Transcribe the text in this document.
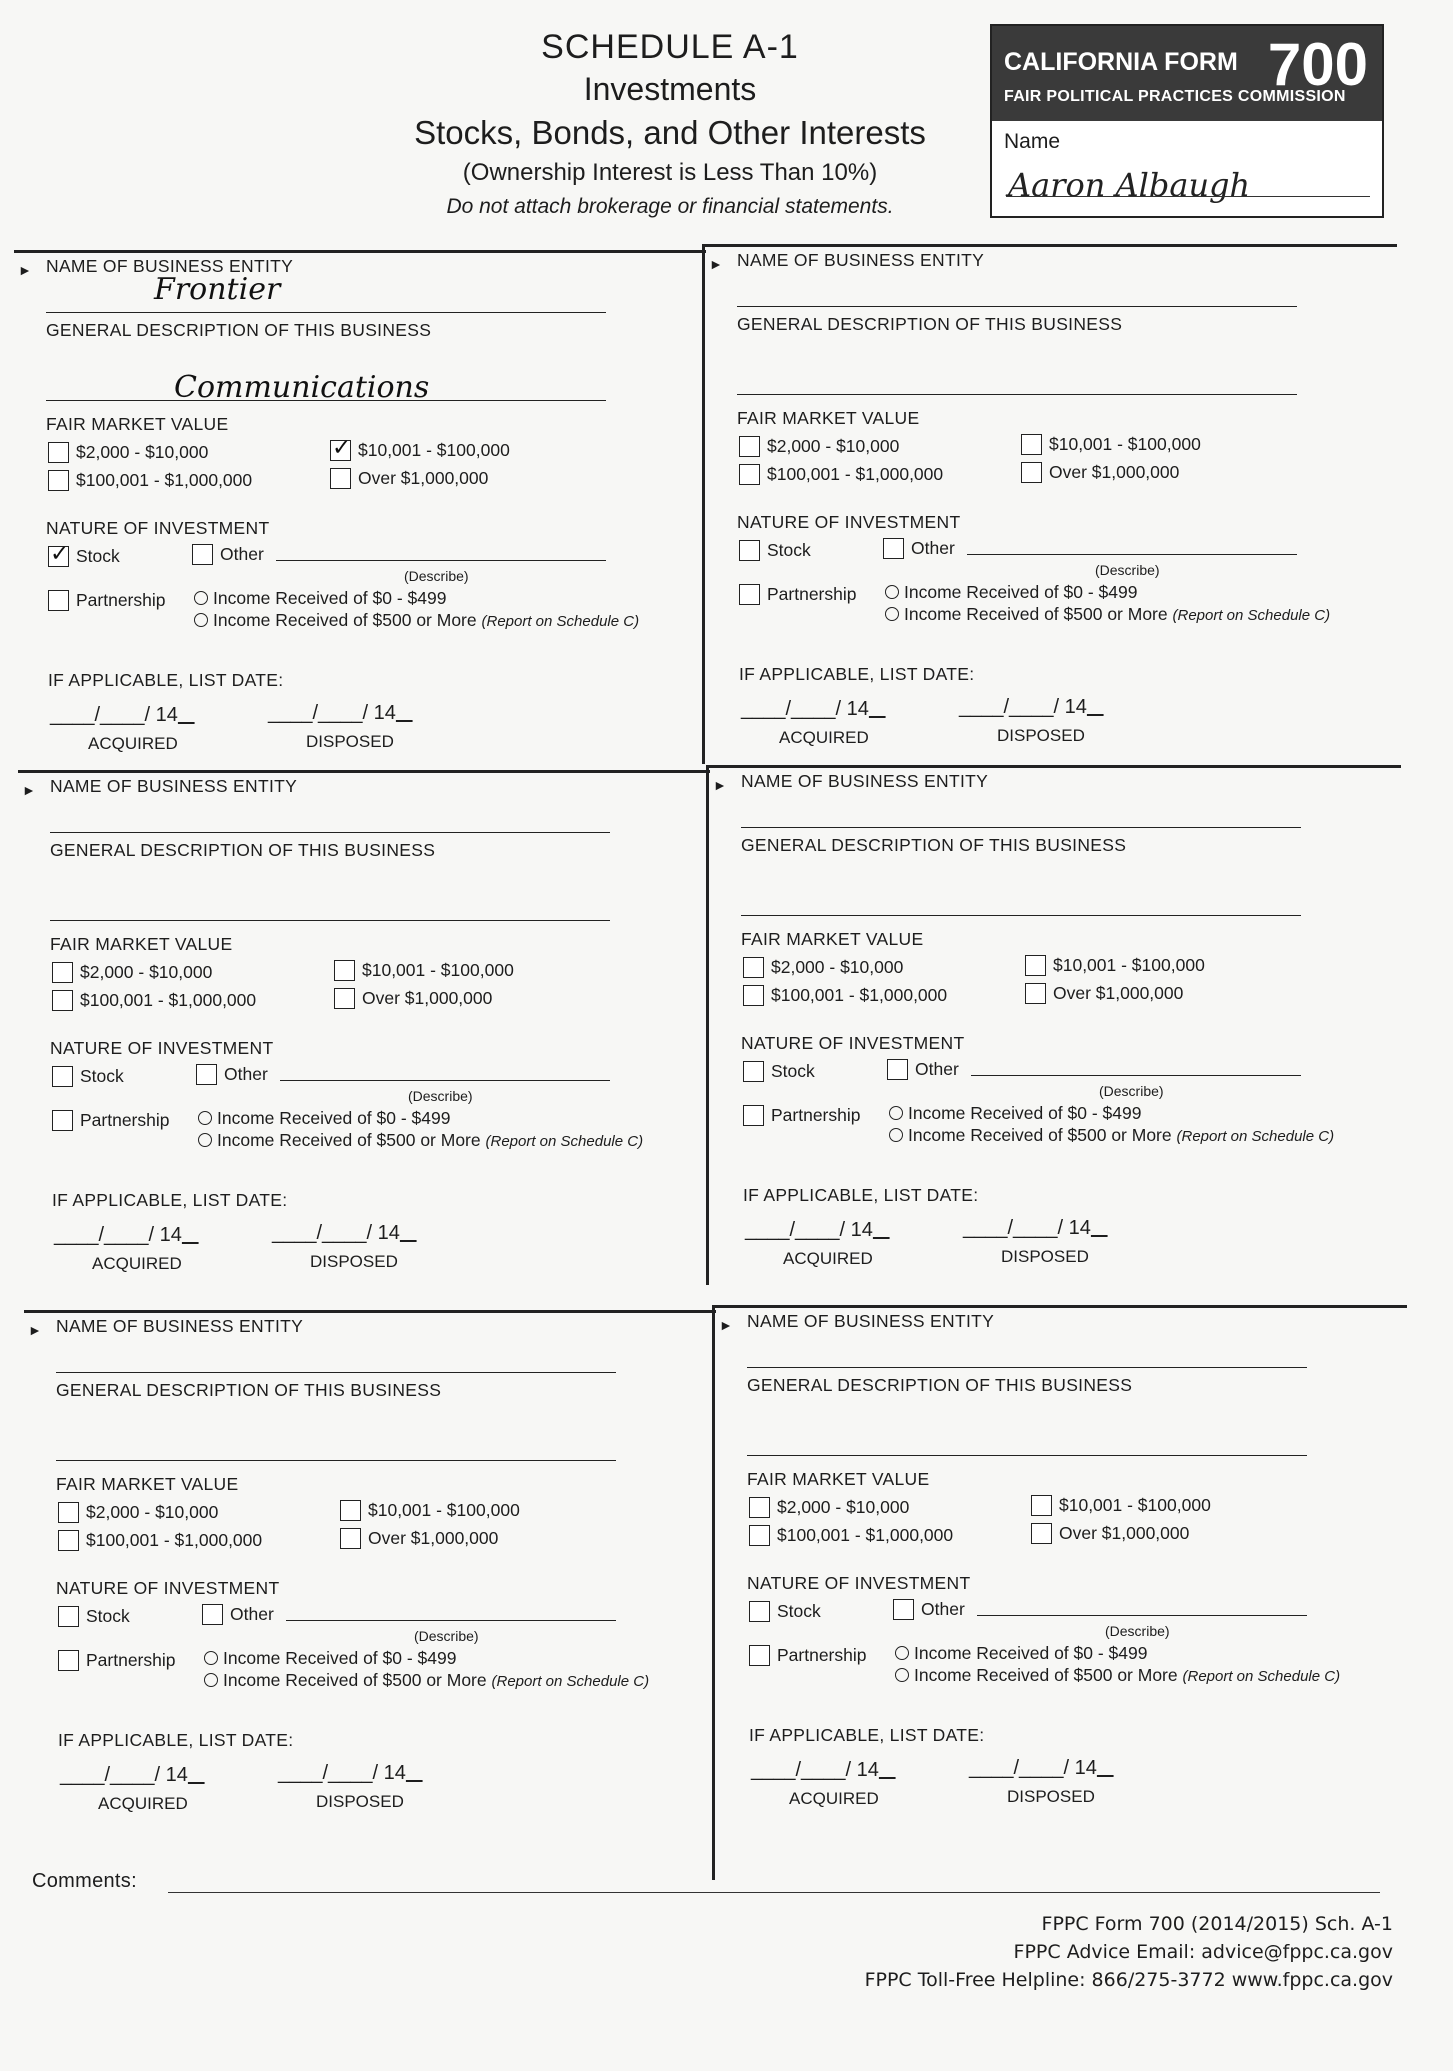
SCHEDULE A-1
Investments
Stocks, Bonds, and Other Interests
(Ownership Interest is Less Than 10%)
Do not attach brokerage or financial statements.
CALIFORNIA FORM 700
FAIR POLITICAL PRACTICES COMMISSION
Name
Aaron Albaugh
► NAME OF BUSINESS ENTITY
Frontier
GENERAL DESCRIPTION OF THIS BUSINESS
Communications
FAIR MARKET VALUE
$2,000 - $10,000
✓	$10,001 - $100,000
$100,001 - $1,000,000	Over $1,000,000
NATURE OF INVESTMENT
✓
Stock	Other
(Describe)
Partnership	Income Received of $0 - $499
Income Received of $500 or More (Report on Schedule C)
IF APPLICABLE, LIST DATE:
____/____/ 14
ACQUIRED
____/____/ 14
DISPOSED
► NAME OF BUSINESS ENTITY
GENERAL DESCRIPTION OF THIS BUSINESS
FAIR MARKET VALUE
$2,000 - $10,000	$10,001 - $100,000
$100,001 - $1,000,000	Over $1,000,000
NATURE OF INVESTMENT
Stock	Other
(Describe)
Partnership	Income Received of $0 - $499
Income Received of $500 or More (Report on Schedule C)
IF APPLICABLE, LIST DATE:
____/____/ 14
ACQUIRED
____/____/ 14
DISPOSED
► NAME OF BUSINESS ENTITY
GENERAL DESCRIPTION OF THIS BUSINESS
FAIR MARKET VALUE
$2,000 - $10,000	$10,001 - $100,000
$100,001 - $1,000,000	Over $1,000,000
NATURE OF INVESTMENT
Stock	Other
(Describe)
Partnership	Income Received of $0 - $499
Income Received of $500 or More (Report on Schedule C)
IF APPLICABLE, LIST DATE:
____/____/ 14
ACQUIRED
____/____/ 14
DISPOSED
► NAME OF BUSINESS ENTITY
GENERAL DESCRIPTION OF THIS BUSINESS
FAIR MARKET VALUE
$2,000 - $10,000	$10,001 - $100,000
$100,001 - $1,000,000	Over $1,000,000
NATURE OF INVESTMENT
Stock	Other
(Describe)
Partnership	Income Received of $0 - $499
Income Received of $500 or More (Report on Schedule C)
IF APPLICABLE, LIST DATE:
____/____/ 14
ACQUIRED
____/____/ 14
DISPOSED
► NAME OF BUSINESS ENTITY
GENERAL DESCRIPTION OF THIS BUSINESS
FAIR MARKET VALUE
$2,000 - $10,000	$10,001 - $100,000
$100,001 - $1,000,000	Over $1,000,000
NATURE OF INVESTMENT
Stock	Other
(Describe)
Partnership	Income Received of $0 - $499
Income Received of $500 or More (Report on Schedule C)
IF APPLICABLE, LIST DATE:
____/____/ 14
ACQUIRED
____/____/ 14
DISPOSED
► NAME OF BUSINESS ENTITY
GENERAL DESCRIPTION OF THIS BUSINESS
FAIR MARKET VALUE
$2,000 - $10,000	$10,001 - $100,000
$100,001 - $1,000,000	Over $1,000,000
NATURE OF INVESTMENT
Stock	Other
(Describe)
Partnership	Income Received of $0 - $499
Income Received of $500 or More (Report on Schedule C)
IF APPLICABLE, LIST DATE:
____/____/ 14
ACQUIRED
____/____/ 14
DISPOSED
Comments:
FPPC Form 700 (2014/2015) Sch. A-1
FPPC Advice Email: advice@fppc.ca.gov
FPPC Toll-Free Helpline: 866/275-3772 www.fppc.ca.gov
